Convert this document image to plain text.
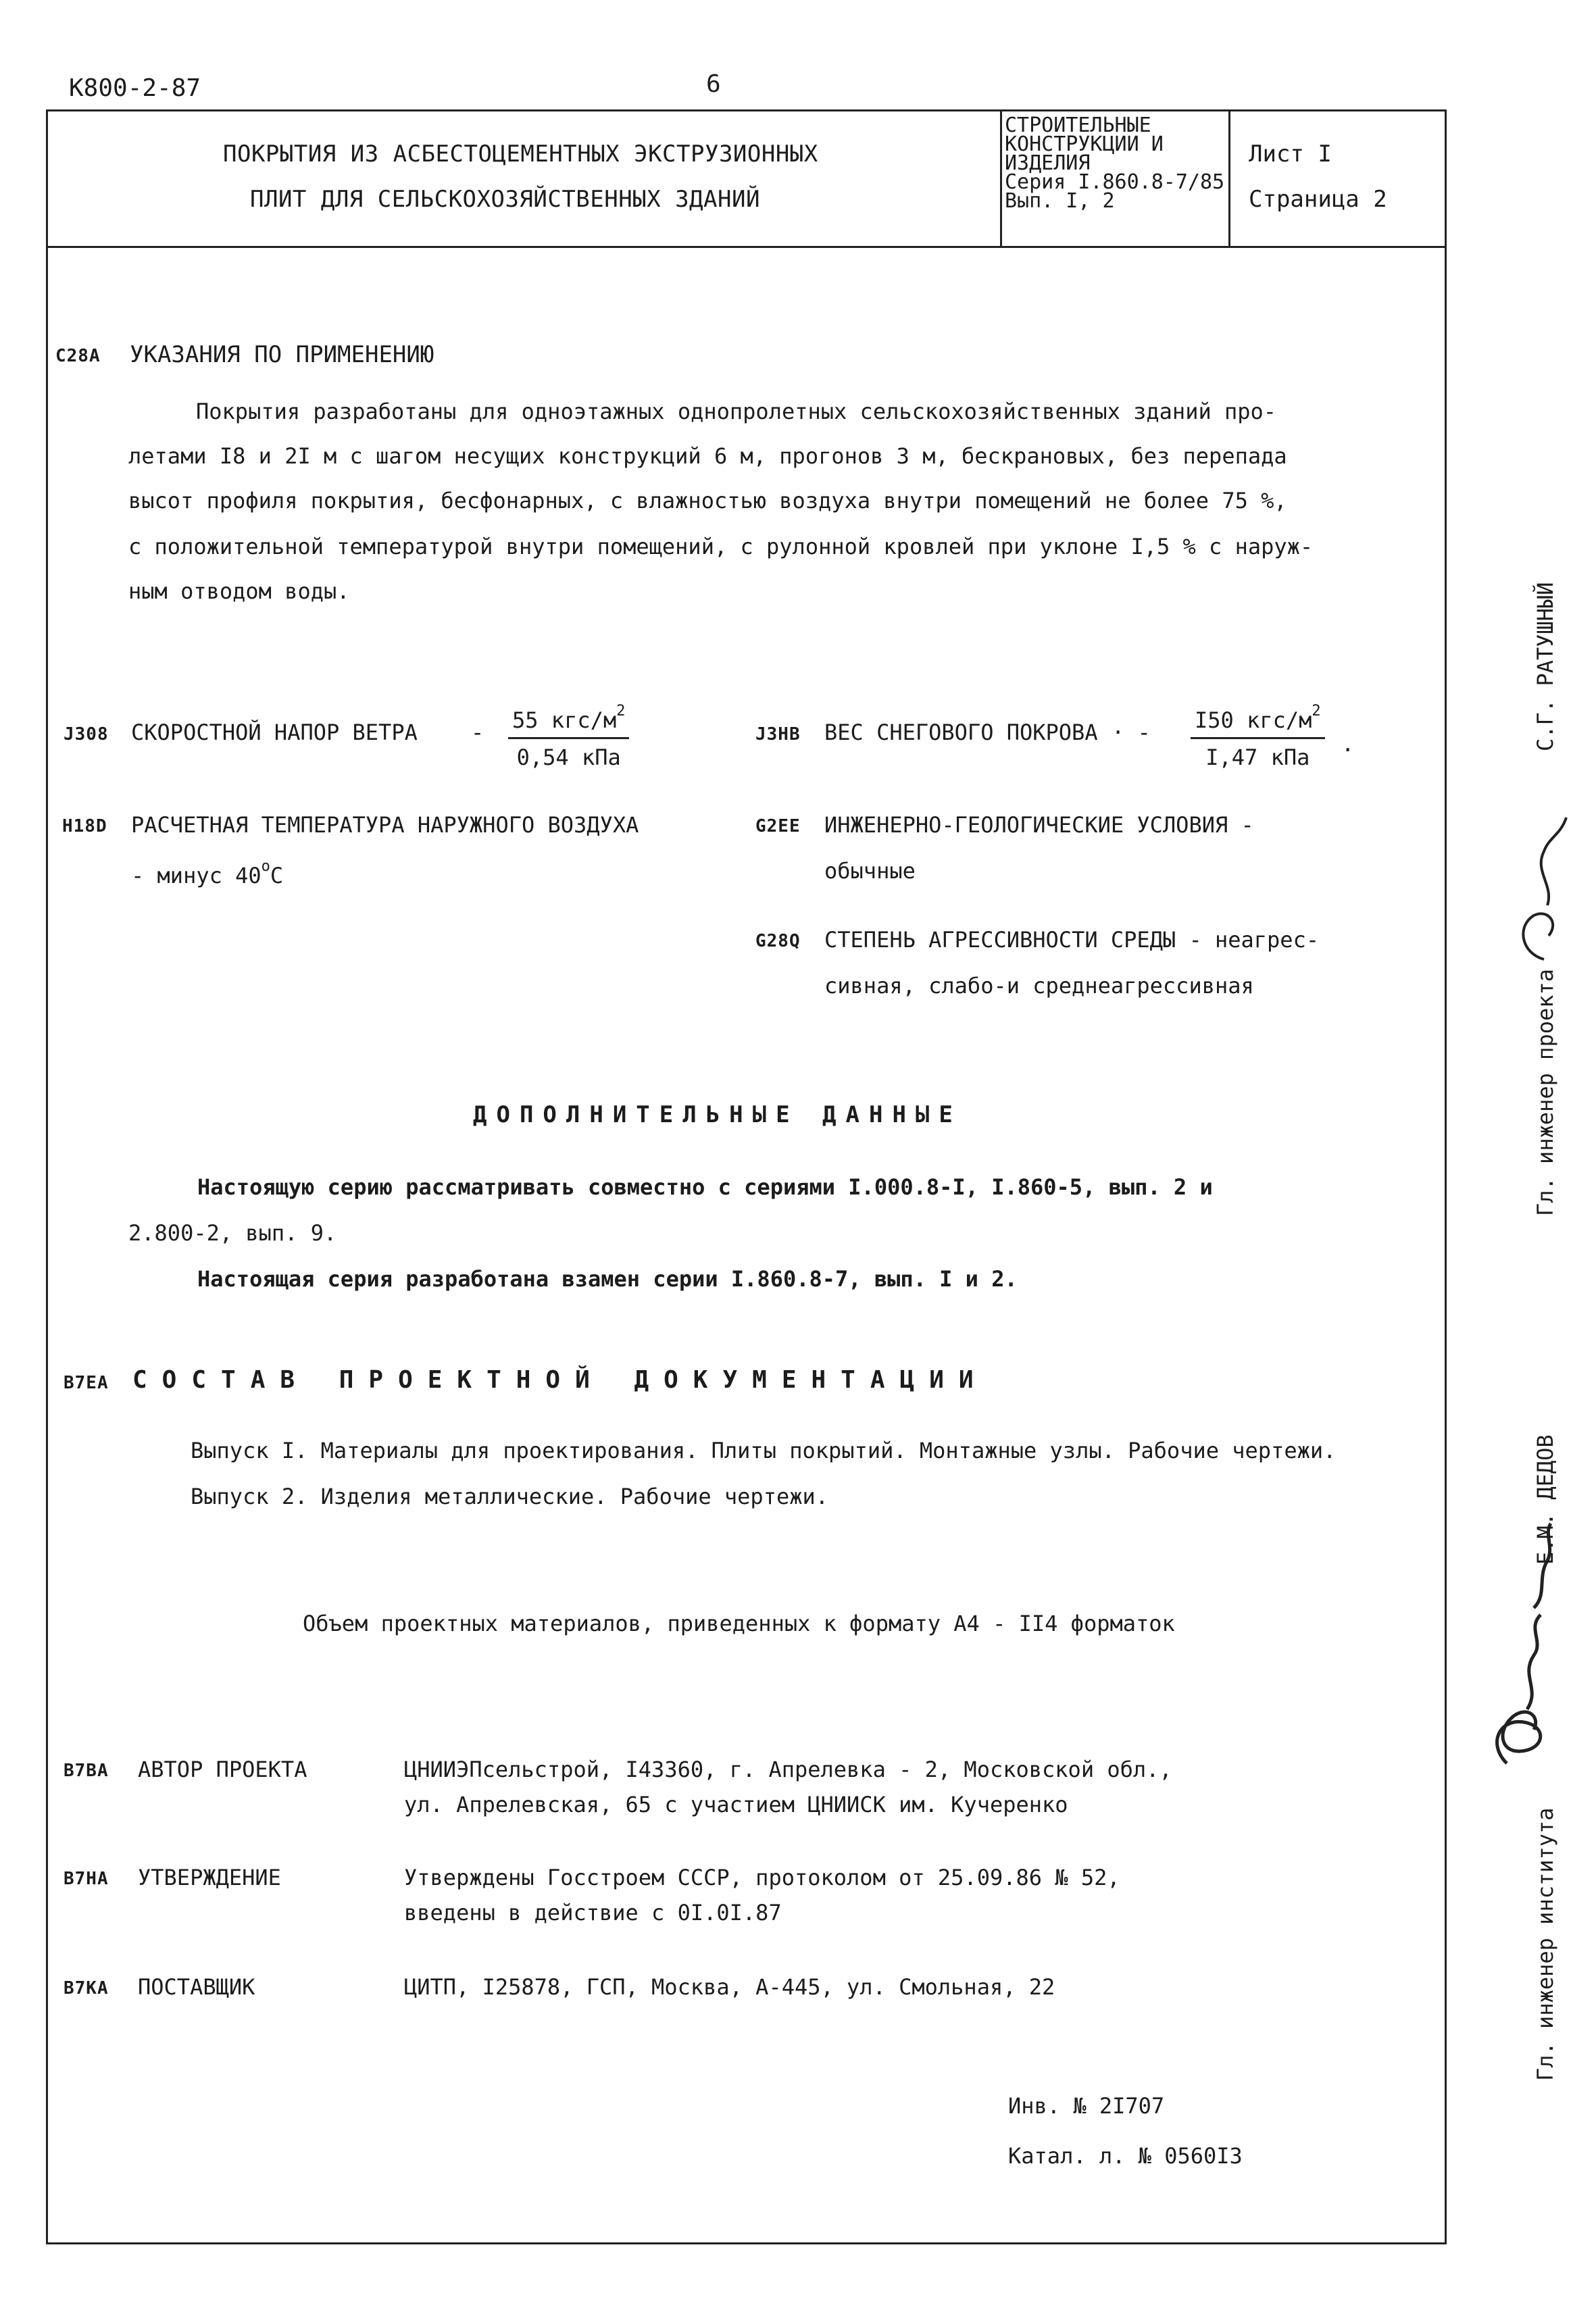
К800-2-87	6
ПОКРЫТИЯ ИЗ АСБЕСТОЦЕМЕНТНЫХ ЭКСТРУЗИОННЫХ
ПЛИТ ДЛЯ СЕЛЬСКОХОЗЯЙСТВЕННЫХ ЗДАНИЙ
СТРОИТЕЛЬНЫЕ
КОНСТРУКЦИИ И
ИЗДЕЛИЯ
Серия I.860.8-7/85
Вып. I, 2
Лист I
Страница 2
С28А УКАЗАНИЯ ПО ПРИМЕНЕНИЮ
Покрытия разработаны для одноэтажных однопролетных сельскохозяйственных зданий про-
летами I8 и 2I м с шагом несущих конструкций 6 м, прогонов 3 м, бескрановых, без перепада
высот профиля покрытия, бесфонарных, с влажностью воздуха внутри помещений не более 75 %,
с положительной температурой внутри помещений, с рулонной кровлей при уклоне I,5 % с наруж-
ным отводом воды.
J308 СКОРОСТНОЙ НАПОР ВЕТРА - 55 кгс/$м^2$
0,54 кПа
J3НВ ВЕС СНЕГОВОГО ПОКРОВА · - I50 кгс/$м^2$
I,47 кПа
.
Н18D РАСЧЕТНАЯ ТЕМПЕРАТУРА НАРУЖНОГО ВОЗДУХА
- минус $40^оС$
G2ЕЕ ИНЖЕНЕРНО-ГЕОЛОГИЧЕСКИЕ УСЛОВИЯ -
обычные
G28Q СТЕПЕНЬ АГРЕССИВНОСТИ СРЕДЫ - неагрес-
сивная, слабо-и среднеагрессивная
ДОПОЛНИТЕЛЬНЫЕ ДАННЫЕ
Настоящую серию рассматривать совместно с сериями I.000.8-I, I.860-5, вып. 2 и
2.800-2, вып. 9.
Настоящая серия разработана взамен серии I.860.8-7, вып. I и 2.
В7ЕА СОСТАВ ПРОЕКТНОЙ ДОКУМЕНТАЦИИ
Выпуск I. Материалы для проектирования. Плиты покрытий. Монтажные узлы. Рабочие чертежи.
Выпуск 2. Изделия металлические. Рабочие чертежи.
Объем проектных материалов, приведенных к формату А4 - II4 форматок
В7ВА АВТОР ПРОЕКТА	ЦНИИЭПсельстрой, I43360, г. Апрелевка - 2, Московской обл.,
ул. Апрелевская, 65 с участием ЦНИИСК им. Кучеренко
В7НА УТВЕРЖДЕНИЕ	Утверждены Госстроем СССР, протоколом от 25.09.86 № 52,
введены в действие с 0I.0I.87
В7КА ПОСТАВЩИК	ЦИТП, I25878, ГСП, Москва, А-445, ул. Смольная, 22
Инв. № 2I707
Катал. л. № 0560I3
Гл. инженер проекта
С.Г. РАТУШНЫЙ
Гл. инженер института
Е.М. ДЕДОВ
